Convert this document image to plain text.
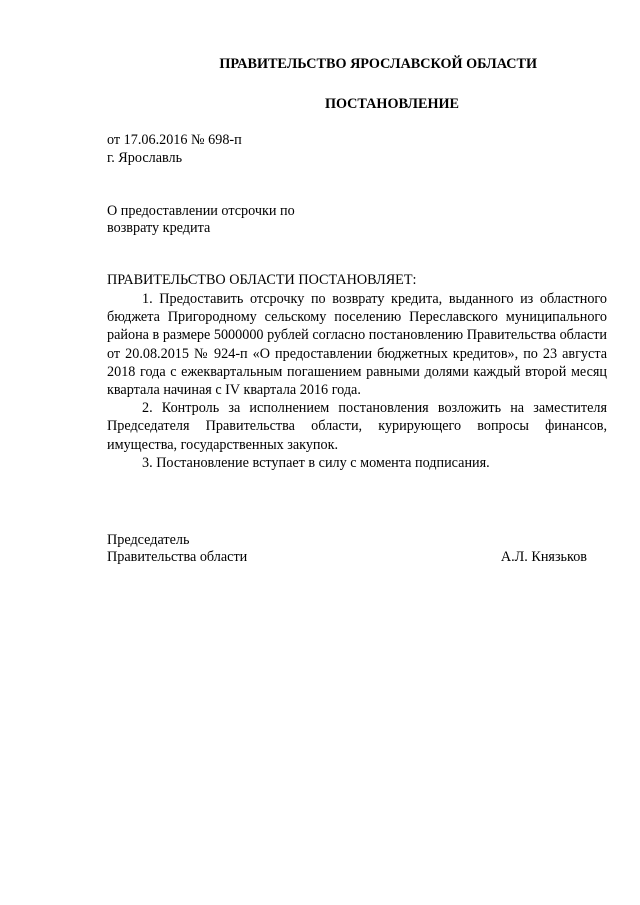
ПРАВИТЕЛЬСТВО ЯРОСЛАВСКОЙ ОБЛАСТИ
ПОСТАНОВЛЕНИЕ

от 17.06.2016 № 698-п

г. Ярославль

О предоставлении отсрочки по

возврату кредита

ПРАВИТЕЛЬСТВО ОБЛАСТИ ПОСТАНОВЛЯЕТ:

1. Предоставить отсрочку по возврату кредита, выданного из областного бюджета Пригородному сельскому поселению Переславского муниципального района в размере 5000000 рублей согласно постановлению Правительства области от 20.08.2015 № 924-п «О предоставлении бюджетных кредитов», по 23 августа 2018 года с ежеквартальным погашением равными долями каждый второй месяц квартала начиная с IV квартала 2016 года.

2. Контроль за исполнением постановления возложить на заместителя Председателя Правительства области, курирующего вопросы финансов, имущества, государственных закупок.

3. Постановление вступает в силу с момента подписания.

Председатель

Правительства области	А.Л. Князьков
